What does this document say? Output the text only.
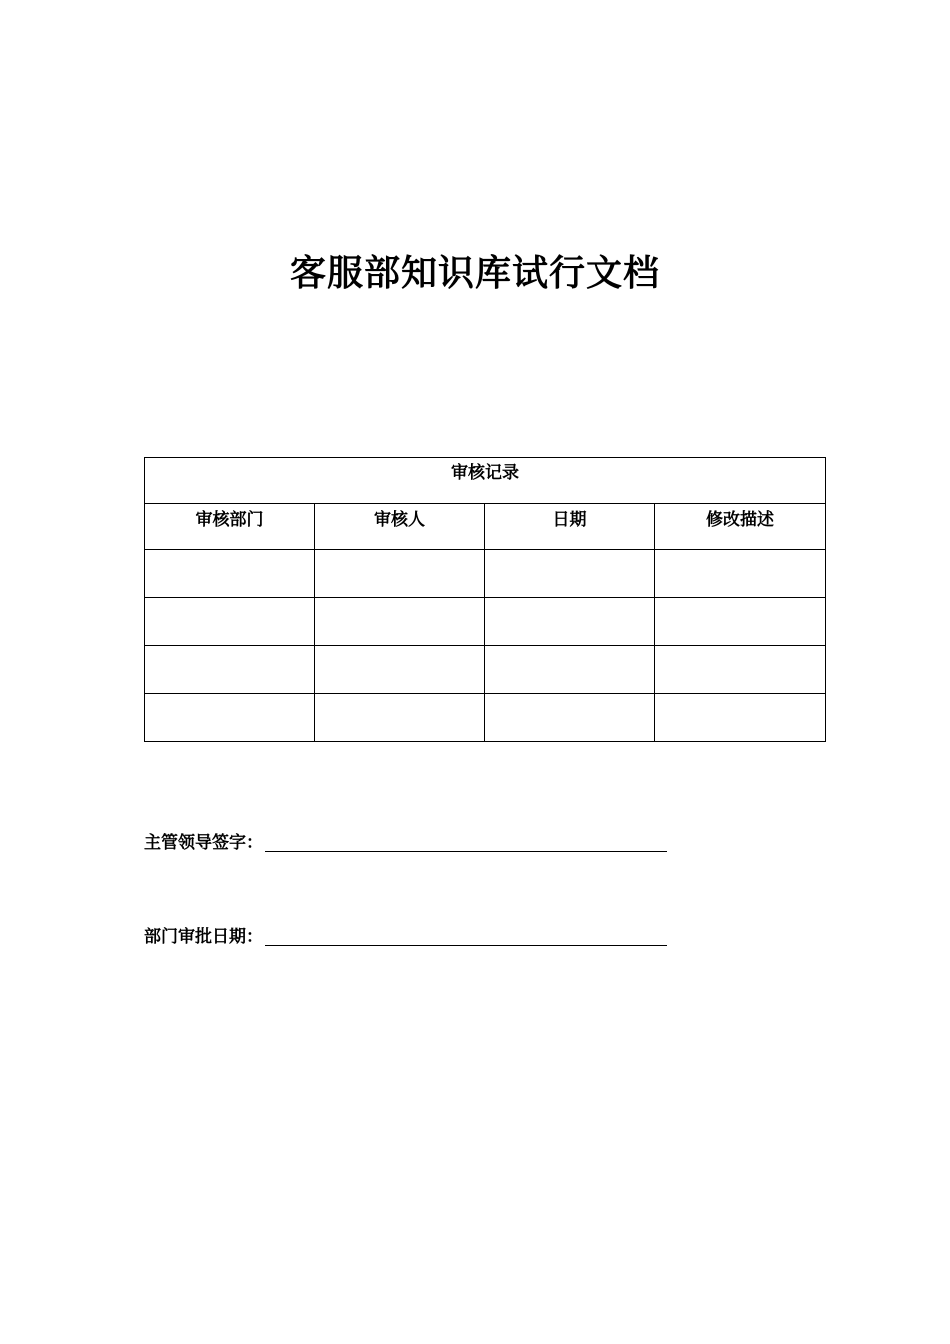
客服部知识库试行文档
审核记录			
审核部门	审核人	日期	修改描述

主管领导签字：
部门审批日期：
